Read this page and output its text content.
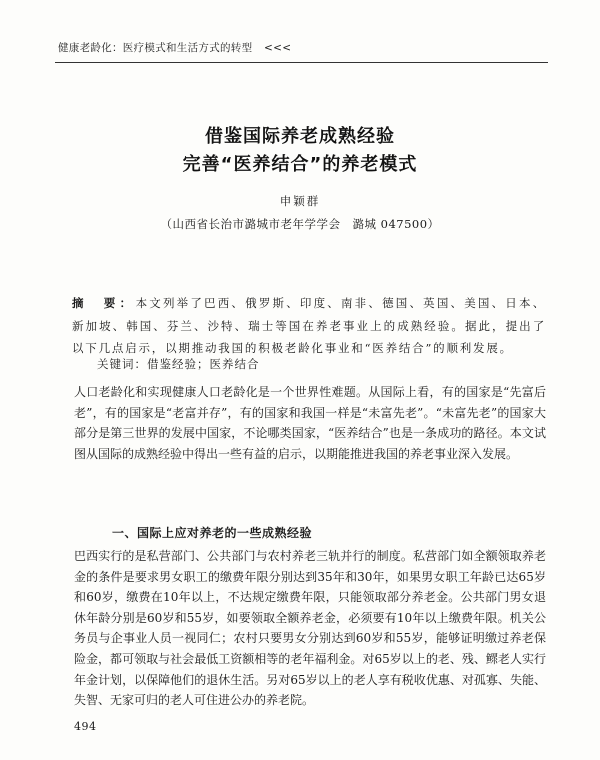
健康老龄化：医疗模式和生活方式的转型 <<<
借鉴国际养老成熟经验
完善“医养结合”的养老模式
申颖群
（山西省长治市潞城市老年学学会　潞城 047500）
摘　要：本文列举了巴西、俄罗斯、印度、南非、德国、英国、美国、日本、新加坡、韩国、芬兰、沙特、瑞士等国在养老事业上的成熟经验。据此，提出了以下几点启示，以期推动我国的积极老龄化事业和“医养结合”的顺利发展。
关键词：借鉴经验；医养结合
人口老龄化和实现健康人口老龄化是一个世界性难题。从国际上看，有的国家是“先富后老”，有的国家是“老富并存”，有的国家和我国一样是“未富先老”。“未富先老”的国家大部分是第三世界的发展中国家，不论哪类国家，“医养结合”也是一条成功的路径。本文试图从国际的成熟经验中得出一些有益的启示，以期能推进我国的养老事业深入发展。
一、国际上应对养老的一些成熟经验
巴西实行的是私营部门、公共部门与农村养老三轨并行的制度。私营部门如全额领取养老金的条件是要求男女职工的缴费年限分别达到35年和30年，如果男女职工年龄已达65岁和60岁，缴费在10年以上，不达规定缴费年限，只能领取部分养老金。公共部门男女退休年龄分别是60岁和55岁，如要领取全额养老金，必须要有10年以上缴费年限。机关公务员与企事业人员一视同仁；农村只要男女分别达到60岁和55岁，能够证明缴过养老保险金，都可领取与社会最低工资额相等的老年福利金。对65岁以上的老、残、鳏老人实行年金计划，以保障他们的退休生活。另对65岁以上的老人享有税收优惠、对孤寡、失能、失智、无家可归的老人可住进公办的养老院。
494
